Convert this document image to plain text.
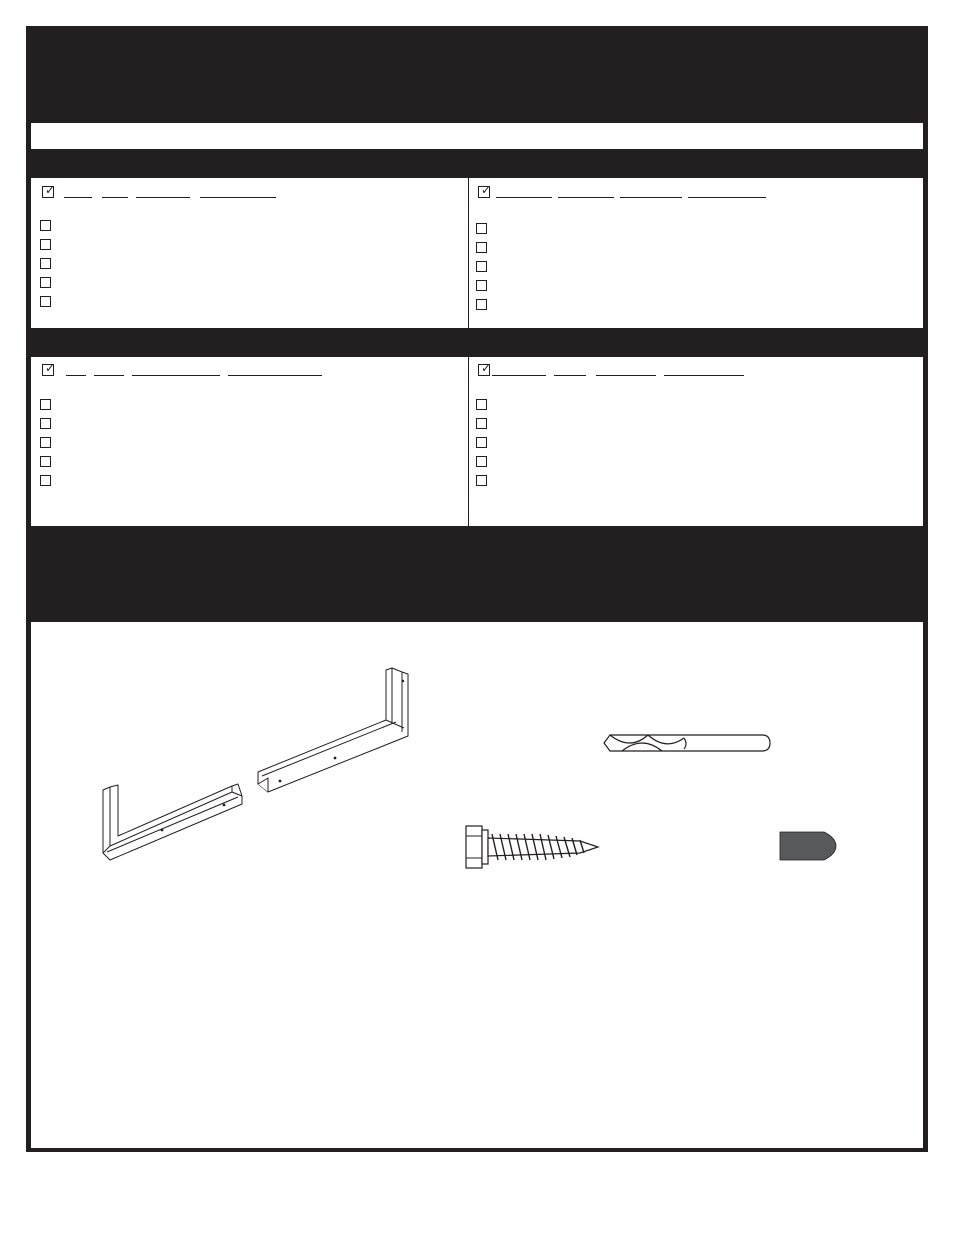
✓	✓
✓	✓
